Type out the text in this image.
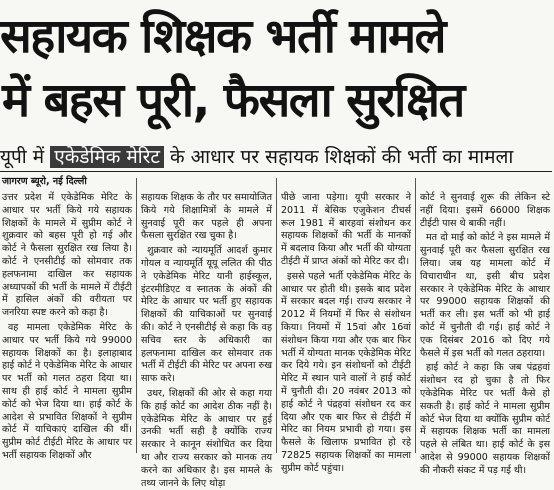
सहायक शिक्षक भर्ती मामले
में बहस पूरी, फैसला सुरक्षित
यूपी में एकेडेमिक मेरिट के आधार पर सहायक शिक्षकों की भर्ती का मामला
जागरण ब्यूरो, नई दिल्ली

उत्तर प्रदेश में एकेडेमिक मेरिट के आधार पर भर्ती किये गये सहायक शिक्षकों के मामले में सुप्रीम कोर्ट ने शुक्रवार को बहस पूरी हो गई और कोर्ट ने फैसला सुरक्षित रख लिया है। कोर्ट ने एनसीटीई को सोमवार तक हलफनामा दाखिल कर सहायक अध्यापकों की भर्ती के मामले में टीईटी में हासिल अंकों की वरीयता पर जनरिया स्पष्ट करने को कहा है।

वह मामला एकेडेमिक मेरिट के आधार पर भर्ती किये गये 99000 सहायक शिक्षकों का है। इलाहाबाद हाई कोर्ट ने एकेडेमिक मेरिट के आधार पर भर्ती को गलत ठहरा दिया था। साथ ही हाई कोर्ट ने मामला सुप्रीम कोर्ट को भेज दिया था। हाई कोर्ट के आदेश से प्रभावित शिक्षकों ने सुप्रीम कोर्ट में याचिकाएं दाखिल की थीं। सुप्रीम कोर्ट टीईटी मेरिट के आधार पर भर्ती सहायक शिक्षकों और

सहायक शिक्षक के तौर पर समायोजित किये गये शिक्षामित्रों के मामले में सुनवाई पूरी कर पहले ही अपना फैसला सुरक्षित रख चुका है।

शुक्रवार को न्यायमूर्ति आदर्श कुमार गोयल व न्यायमूर्ति यूयू ललित की पीठ ने एकेडेमिक मेरिट यानी हाईस्कूल, इंटरमीडिएट व स्नातक के अंकों की मेरिट के आधार पर भर्ती हुए सहायक शिक्षकों की याचिकाओं पर सुनवाई की। कोर्ट ने एनसीटीई से कहा कि वह सचिव स्तर के अधिकारी का हलफनामा दाखिल कर सोमवार तक भर्ती में टीईटी की मेरिट पर अपना रुख साफ करे।

उधर, शिक्षकों की ओर से कहा गया कि हाई कोर्ट का आदेश ठीक नहीं है। एकेडेमिक मेरिट के आधार पर हुई उनकी भर्ती सही है क्योंकि राज्य सरकार ने कानून संशोधित कर दिया था और राज्य सरकार को मानक तय करने का अधिकार है। इस मामले के तथ्य जानने के लिए थोड़ा

पीछे जाना पड़ेगा। यूपी सरकार ने 2011 में बेसिक एजुकेशन टीचर्स रूल 1981 में बारहवां संशोधन कर सहायक शिक्षकों की भर्ती के मानकों में बदलाव किया और भर्ती की योग्यता टीईटी में प्राप्त अंकों को मेरिट कर दी।

इससे पहले भर्ती एकेडेमिक मेरिट के आधार पर होती थी। इसके बाद प्रदेश में सरकार बदल गई। राज्य सरकार ने 2012 में नियमों में फिर से संशोधन किया। नियमों में 15वां और 16वां संशोधन किया गया और एक बार फिर भर्ती में योग्यता मानक एकेडेमिक मेरिट कर दिये गये। इन संशोधनों को टीईटी मेरिट में स्थान पाने वालों ने हाई कोर्ट में चुनौती दी। 20 नवंबर 2013 को हाई कोर्ट ने पंद्रहवां संशोधन रद कर दिया और एक बार फिर से टीईटी में मेरिट का नियम प्रभावी हो गया। इस फैसले के खिलाफ प्रभावित हो रहे 72825 सहायक शिक्षकों का मामला सुप्रीम कोर्ट पहुंचा।

कोर्ट ने सुनवाई शुरू की लेकिन स्टे नहीं दिया। इसमें 66000 शिक्षक टीईटी पास थे बाकी नहीं।

मत दो माई को कोर्ट ने इस मामले में सुनवाई पूरी कर फैसला सुरक्षित रख लिया। जब यह मामला कोर्ट में विचाराधीन था, इसी बीच प्रदेश सरकार ने एकेडेमिक मेरिट के आधार पर 99000 सहायक शिक्षकों की भर्ती कर ली। इस भर्ती को भी हाई कोर्ट में चुनौती दी गई। हाई कोर्ट ने एक दिसंबर 2016 को दिए गये फैसले में इस भर्ती को गलत ठहराया।

हाई कोर्ट ने कहा कि जब पंद्रहवां संशोधन रद हो चुका है तो फिर एकेडेमिक मेरिट पर भर्ती कैसे हो सकती है। हाई कोर्ट ने मामला सुप्रीम कोर्ट भेज दिया था क्योंकि सुप्रीम कोर्ट में सहायक शिक्षक भर्ती का मामला पहले से लंबित था। हाई कोर्ट के इस आदेश से 99000 सहायक शिक्षकों की नौकरी संकट में पड़ गई थी।
